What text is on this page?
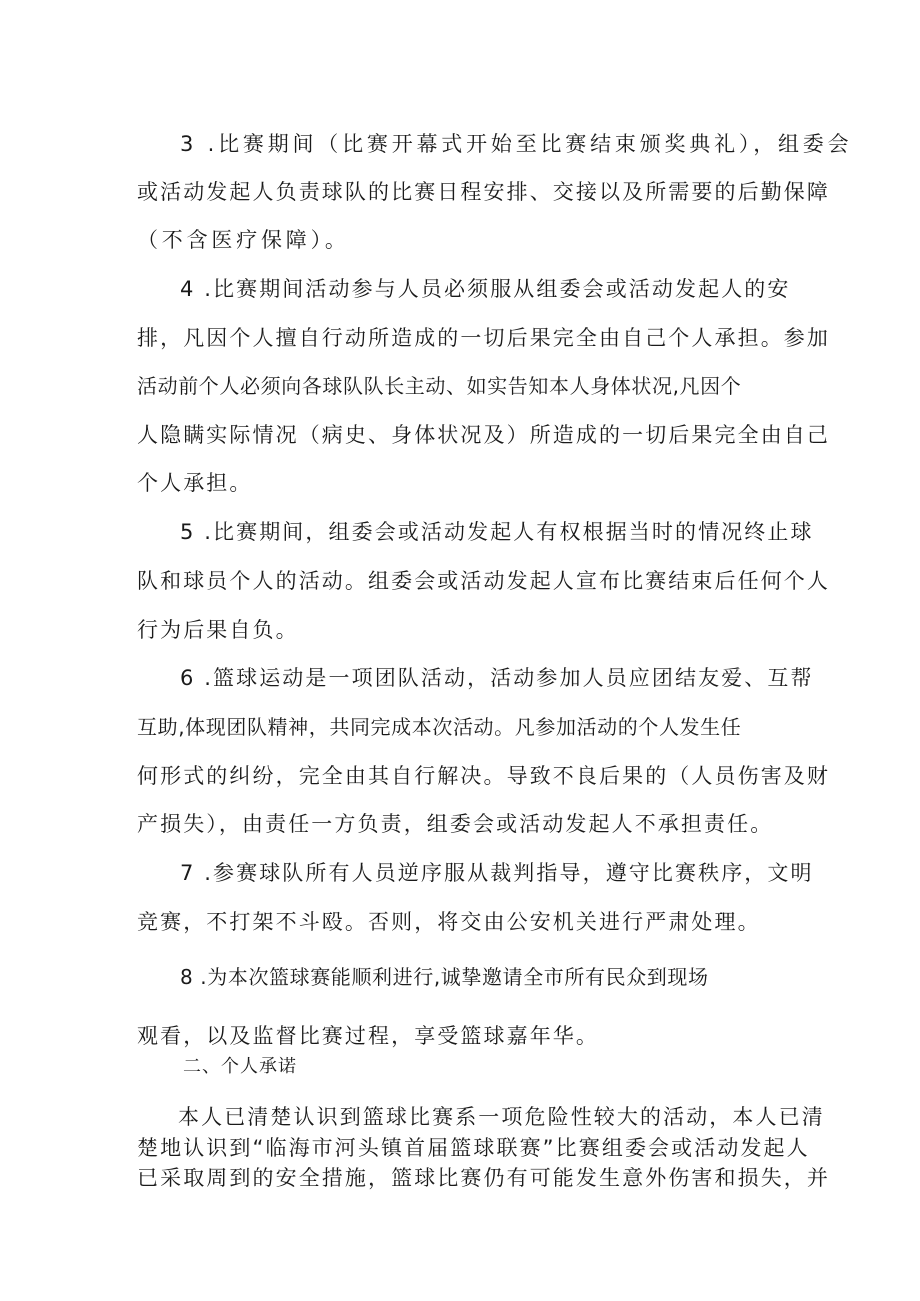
3 .比赛期间（比赛开幕式开始至比赛结束颁奖典礼），组委会
或活动发起人负责球队的比赛日程安排、交接以及所需要的后勤保障
（不含医疗保障）。
4 .比赛期间活动参与人员必须服从组委会或活动发起人的安
排，凡因个人擅自行动所造成的一切后果完全由自己个人承担。参加
活动前个人必须向各球队队长主动、如实告知本人身体状况,凡因个
人隐瞒实际情况（病史、身体状况及）所造成的一切后果完全由自己
个人承担。
5 .比赛期间，组委会或活动发起人有权根据当时的情况终止球
队和球员个人的活动。组委会或活动发起人宣布比赛结束后任何个人
行为后果自负。
6 .篮球运动是一项团队活动，活动参加人员应团结友爱、互帮
互助,体现团队精神，共同完成本次活动。凡参加活动的个人发生任
何形式的纠纷，完全由其自行解决。导致不良后果的（人员伤害及财
产损失），由责任一方负责，组委会或活动发起人不承担责任。
7 .参赛球队所有人员逆序服从裁判指导，遵守比赛秩序，文明
竞赛，不打架不斗殴。否则，将交由公安机关进行严肃处理。
8 .为本次篮球赛能顺利进行,诚挚邀请全市所有民众到现场
观看，以及监督比赛过程，享受篮球嘉年华。
二、个人承诺
本人已清楚认识到篮球比赛系一项危险性较大的活动，本人已清
楚地认识到“临海市河头镇首届篮球联赛”比赛组委会或活动发起人
已采取周到的安全措施，篮球比赛仍有可能发生意外伤害和损失，并
